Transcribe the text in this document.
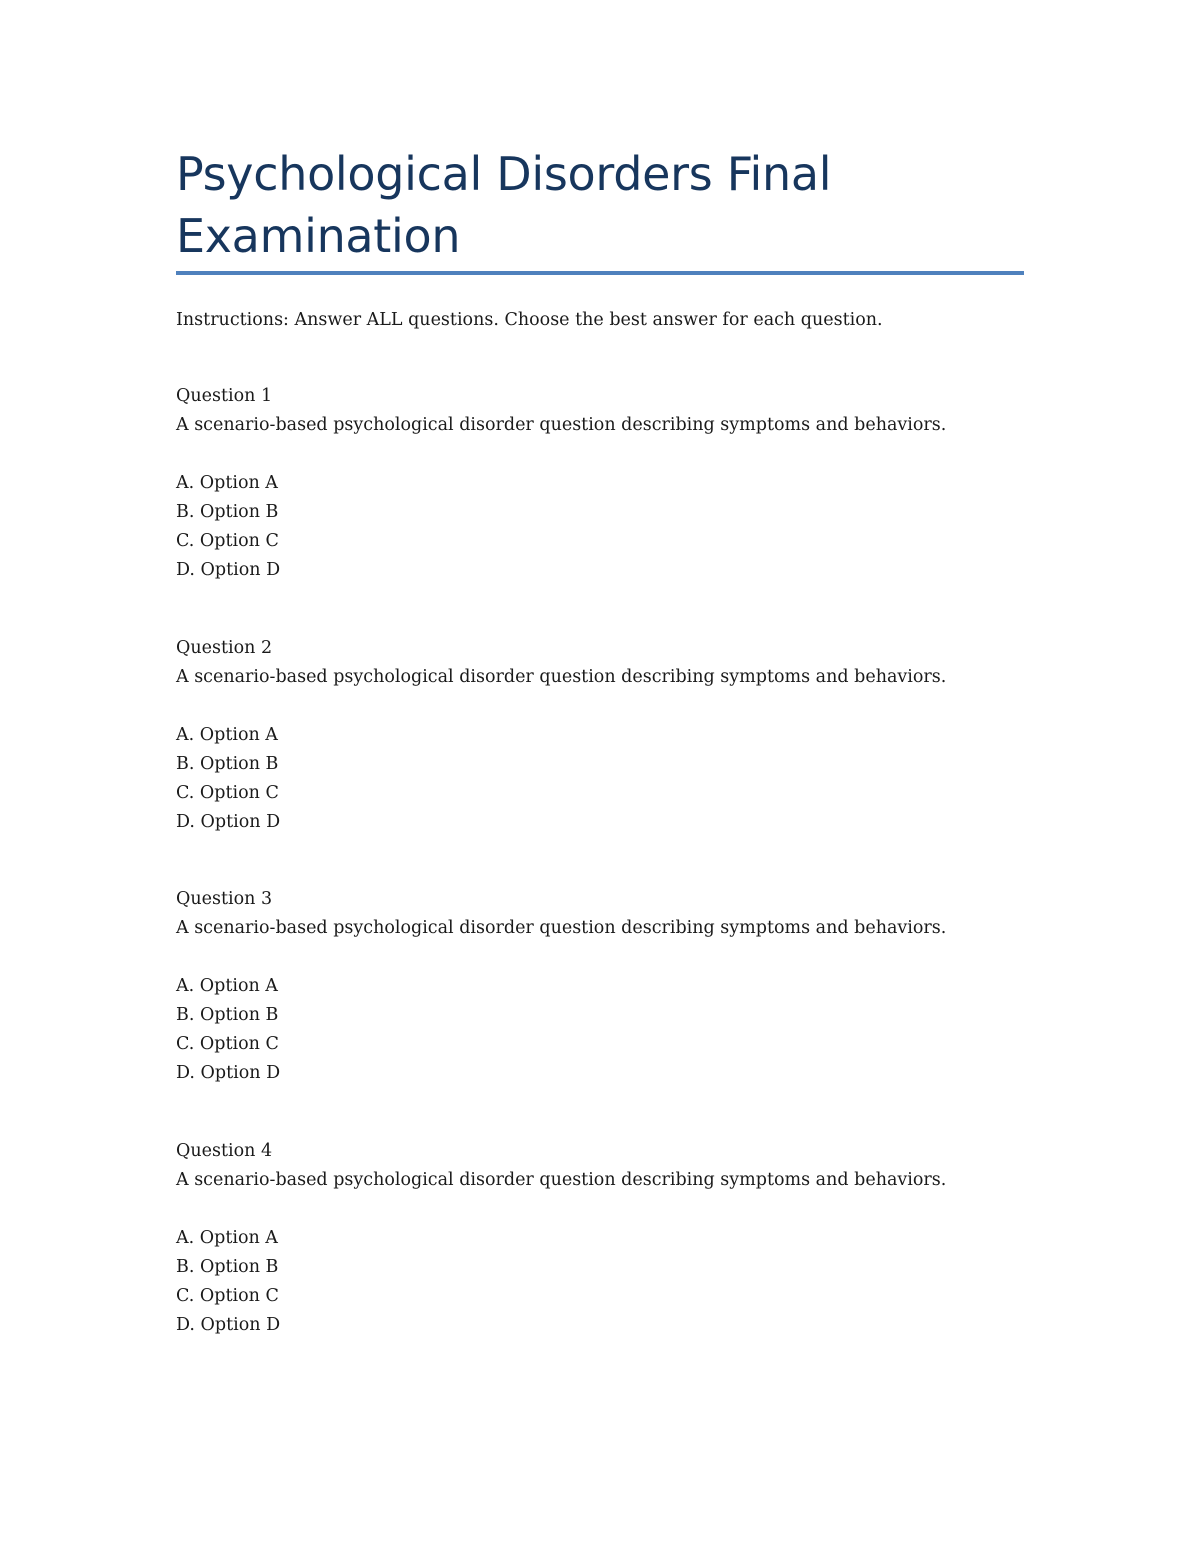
Psychological Disorders Final Examination

Instructions: Answer ALL questions. Choose the best answer for each question.

Question 1

A scenario-based psychological disorder question describing symptoms and behaviors.

A. Option A
B. Option B
C. Option C
D. Option D

Question 2

A scenario-based psychological disorder question describing symptoms and behaviors.

A. Option A
B. Option B
C. Option C
D. Option D

Question 3

A scenario-based psychological disorder question describing symptoms and behaviors.

A. Option A
B. Option B
C. Option C
D. Option D

Question 4

A scenario-based psychological disorder question describing symptoms and behaviors.

A. Option A
B. Option B
C. Option C
D. Option D
